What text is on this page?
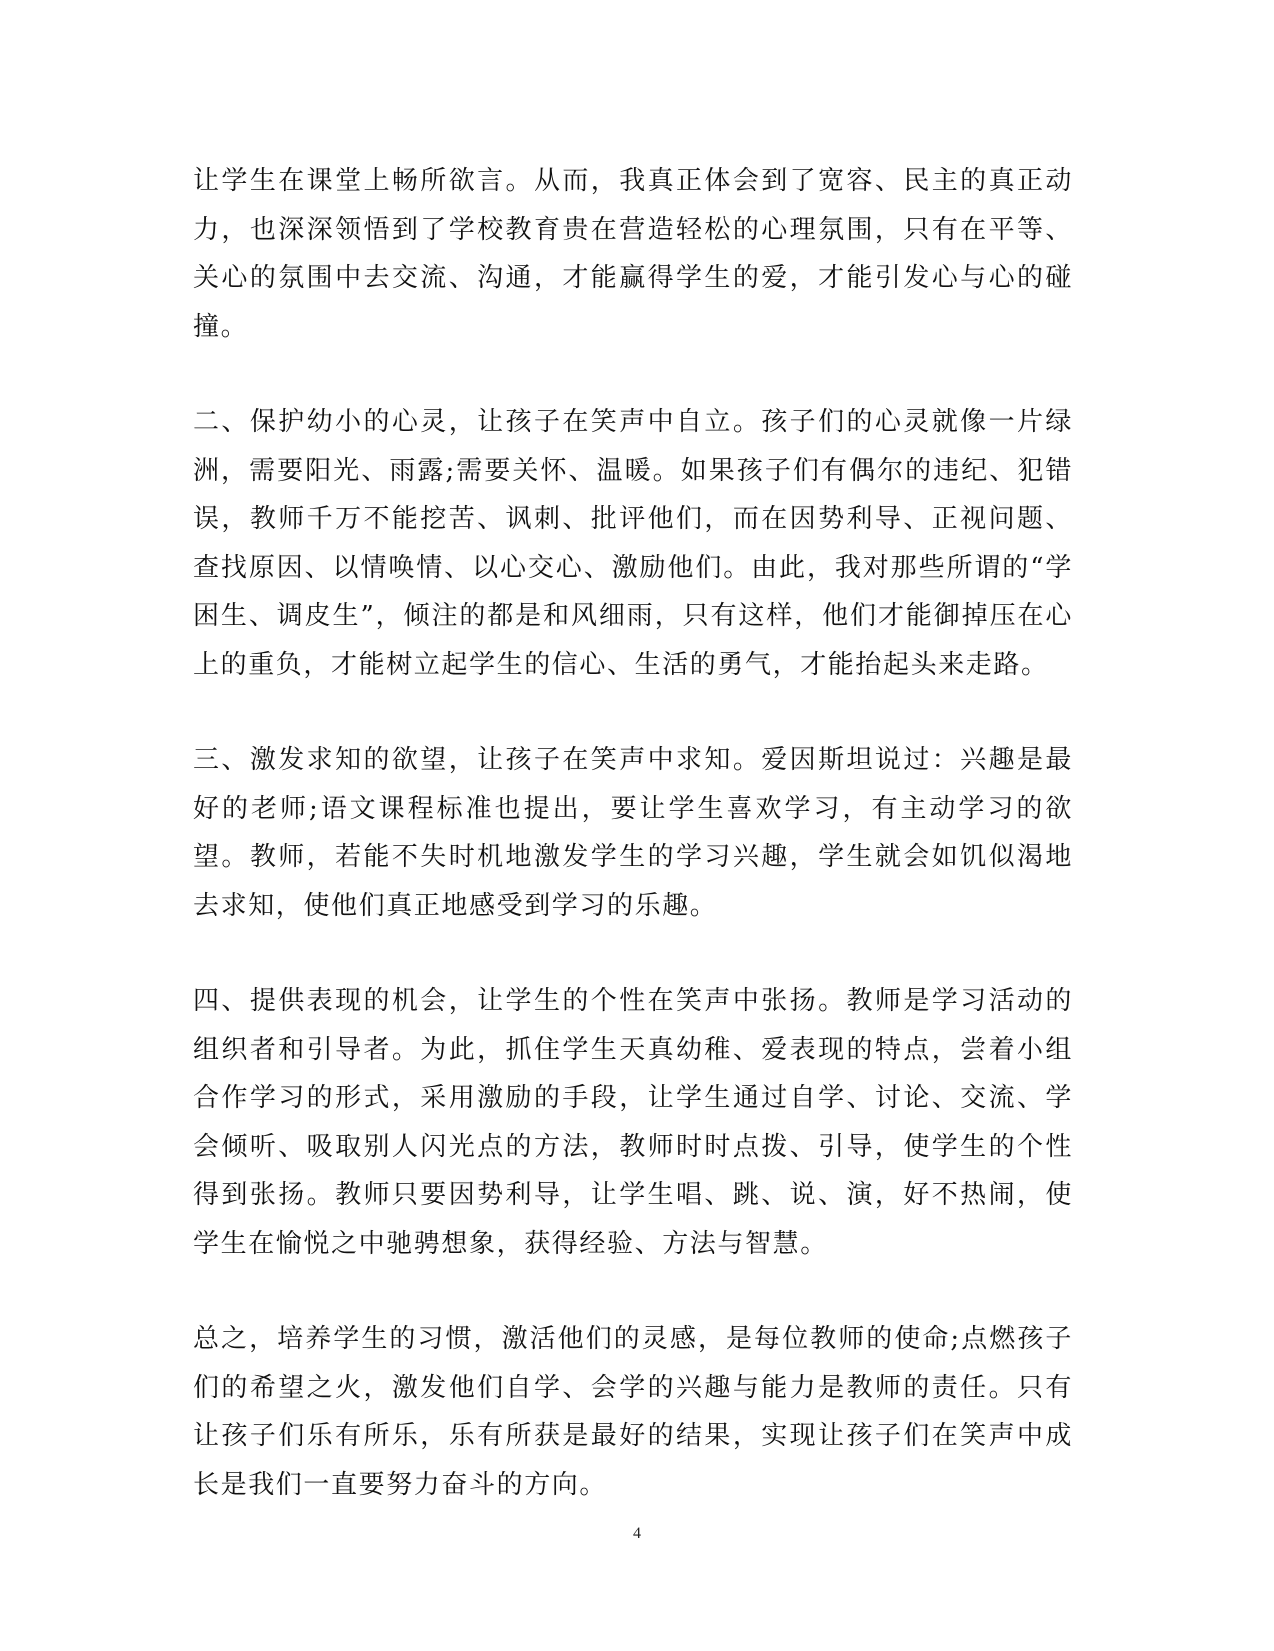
让学生在课堂上畅所欲言。从而，我真正体会到了宽容、民主的真正动力，也深深领悟到了学校教育贵在营造轻松的心理氛围，只有在平等、关心的氛围中去交流、沟通，才能赢得学生的爱，才能引发心与心的碰撞。

二、保护幼小的心灵，让孩子在笑声中自立。孩子们的心灵就像一片绿洲，需要阳光、雨露;需要关怀、温暖。如果孩子们有偶尔的违纪、犯错误，教师千万不能挖苦、讽刺、批评他们，而在因势利导、正视问题、查找原因、以情唤情、以心交心、激励他们。由此，我对那些所谓的“学困生、调皮生”，倾注的都是和风细雨，只有这样，他们才能御掉压在心上的重负，才能树立起学生的信心、生活的勇气，才能抬起头来走路。

三、激发求知的欲望，让孩子在笑声中求知。爱因斯坦说过：兴趣是最好的老师;语文课程标准也提出，要让学生喜欢学习，有主动学习的欲望。教师，若能不失时机地激发学生的学习兴趣，学生就会如饥似渴地去求知，使他们真正地感受到学习的乐趣。

四、提供表现的机会，让学生的个性在笑声中张扬。教师是学习活动的组织者和引导者。为此，抓住学生天真幼稚、爱表现的特点，尝着小组合作学习的形式，采用激励的手段，让学生通过自学、讨论、交流、学会倾听、吸取别人闪光点的方法，教师时时点拨、引导，使学生的个性得到张扬。教师只要因势利导，让学生唱、跳、说、演，好不热闹，使学生在愉悦之中驰骋想象，获得经验、方法与智慧。

总之，培养学生的习惯，激活他们的灵感，是每位教师的使命;点燃孩子们的希望之火，激发他们自学、会学的兴趣与能力是教师的责任。只有让孩子们乐有所乐，乐有所获是最好的结果，实现让孩子们在笑声中成长是我们一直要努力奋斗的方向。

4
